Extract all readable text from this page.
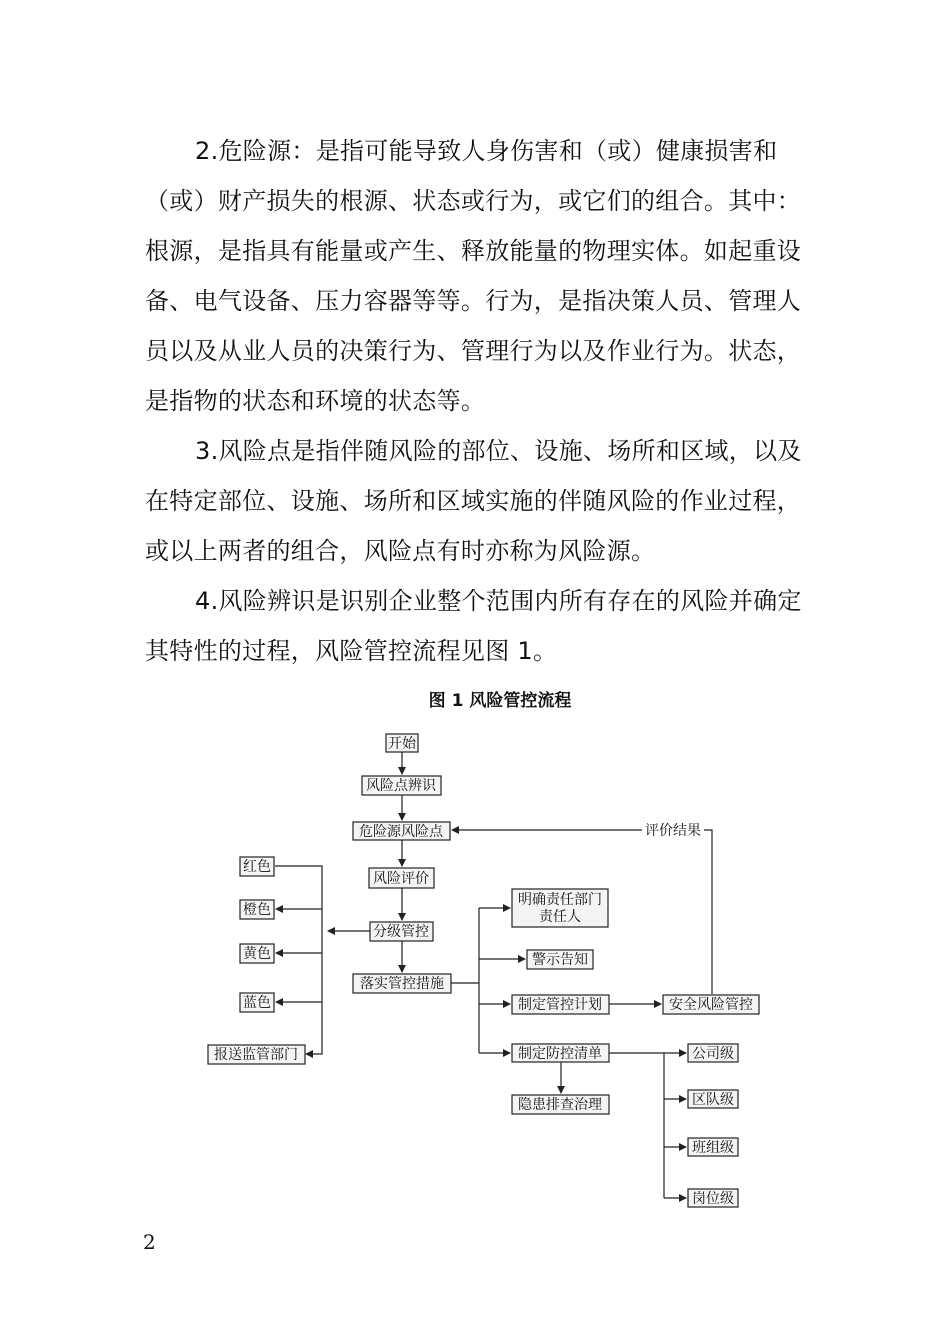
2.危险源：是指可能导致人身伤害和（或）健康损害和（或）财产损失的根源、状态或行为，或它们的组合。其中：根源，是指具有能量或产生、释放能量的物理实体。如起重设备、电气设备、压力容器等等。行为，是指决策人员、管理人员以及从业人员的决策行为、管理行为以及作业行为。状态，是指物的状态和环境的状态等。

3.风险点是指伴随风险的部位、设施、场所和区域，以及在特定部位、设施、场所和区域实施的伴随风险的作业过程，或以上两者的组合，风险点有时亦称为风险源。

4.风险辨识是识别企业整个范围内所有存在的风险并确定其特性的过程，风险管控流程见图 1。

图 1 风险管控流程
评价结果
开始
风险点辨识
危险源风险点
风险评价
分级管控
落实管控措施
红色
橙色
黄色
蓝色
报送监管部门
明确责任部门
责任人
警示告知
制定管控计划	安全风险管控
制定防控清单
隐患排查治理
公司级
区队级
班组级
岗位级
2
